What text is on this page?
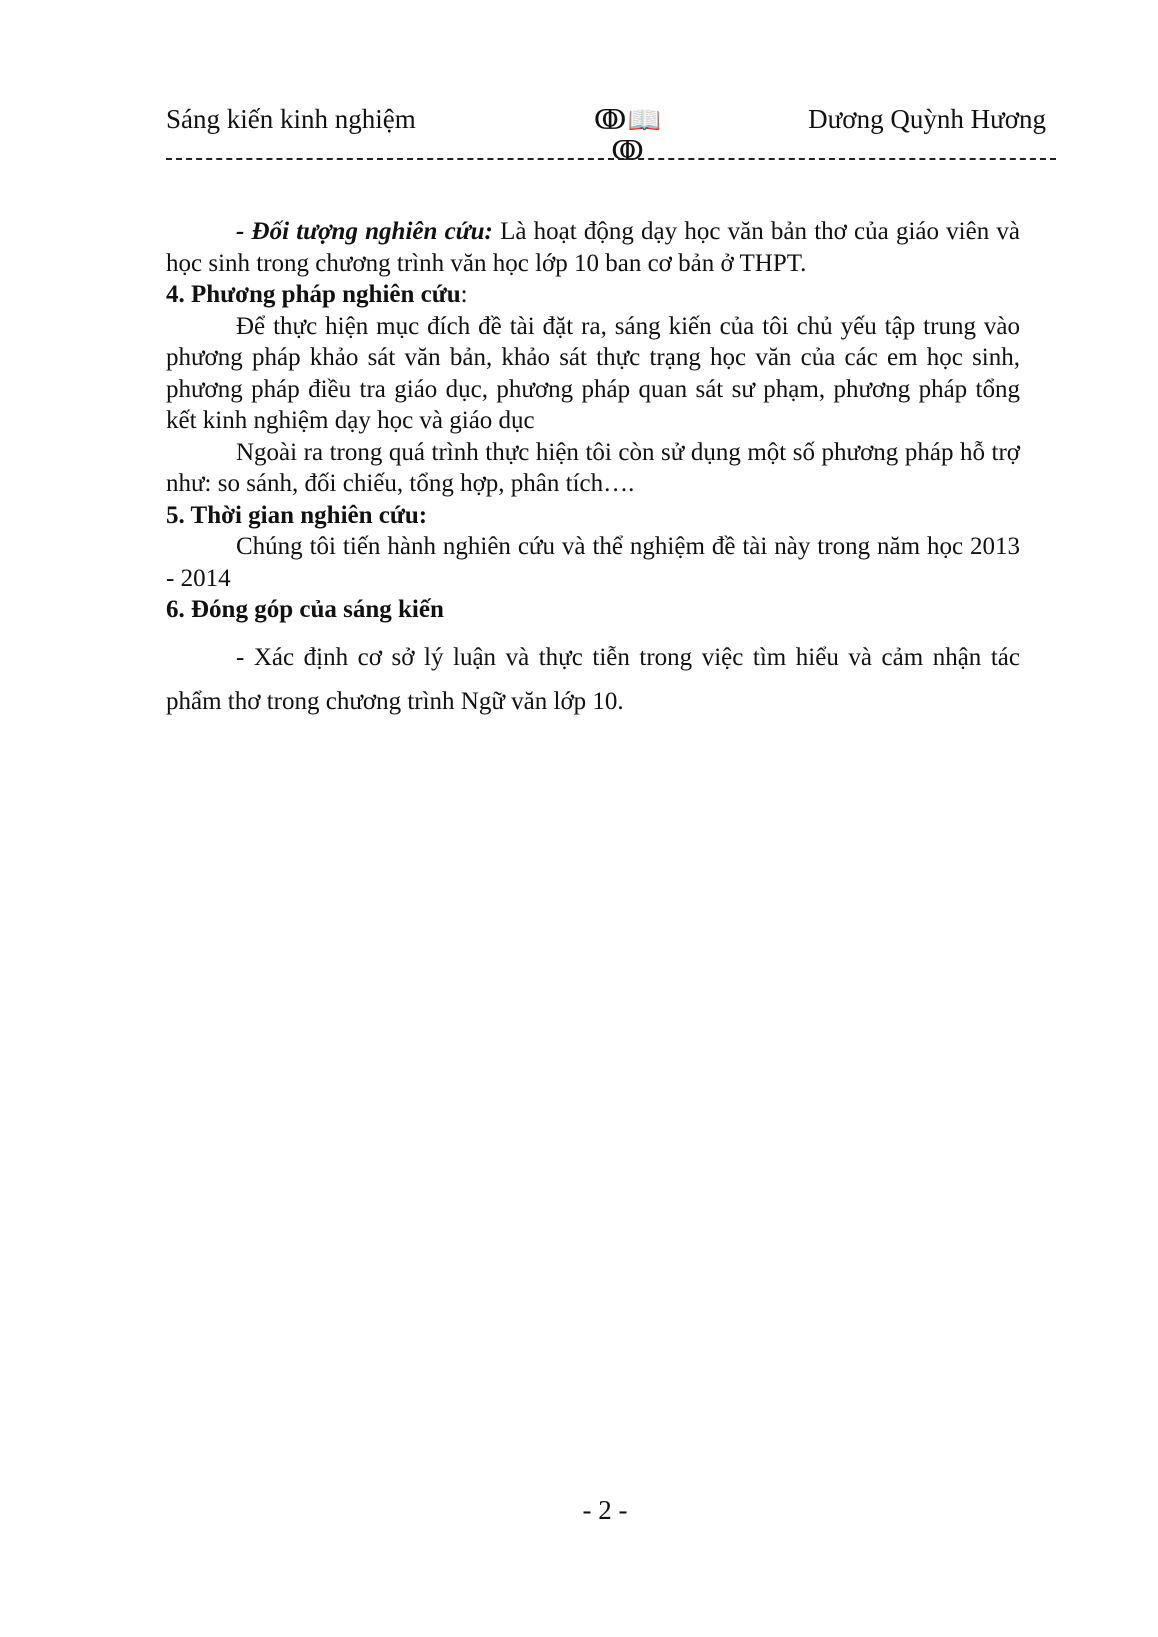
Sáng kiến kinh nghiệm	ↂ📖ↂ
Dương Quỳnh Hương

- Đối tượng nghiên cứu: Là hoạt động dạy học văn bản thơ của giáo viên và học sinh trong chương trình văn học lớp 10 ban cơ bản ở THPT.

4. Phương pháp nghiên cứu:

Để thực hiện mục đích đề tài đặt ra, sáng kiến của tôi chủ yếu tập trung vào phương pháp khảo sát văn bản, khảo sát thực trạng học văn của các em học sinh, phương pháp điều tra giáo dục, phương pháp quan sát sư phạm, phương pháp tổng kết kinh nghiệm dạy học và giáo dục

Ngoài ra trong quá trình thực hiện tôi còn sử dụng một số phương pháp hỗ trợ như: so sánh, đối chiếu, tổng hợp, phân tích….

5. Thời gian nghiên cứu:

Chúng tôi tiến hành nghiên cứu và thể nghiệm đề tài này trong năm học 2013 - 2014

6. Đóng góp của sáng kiến

- Xác định cơ sở lý luận và thực tiễn trong việc tìm hiểu và cảm nhận tác phẩm thơ trong chương trình Ngữ văn lớp 10.

- 2 -
